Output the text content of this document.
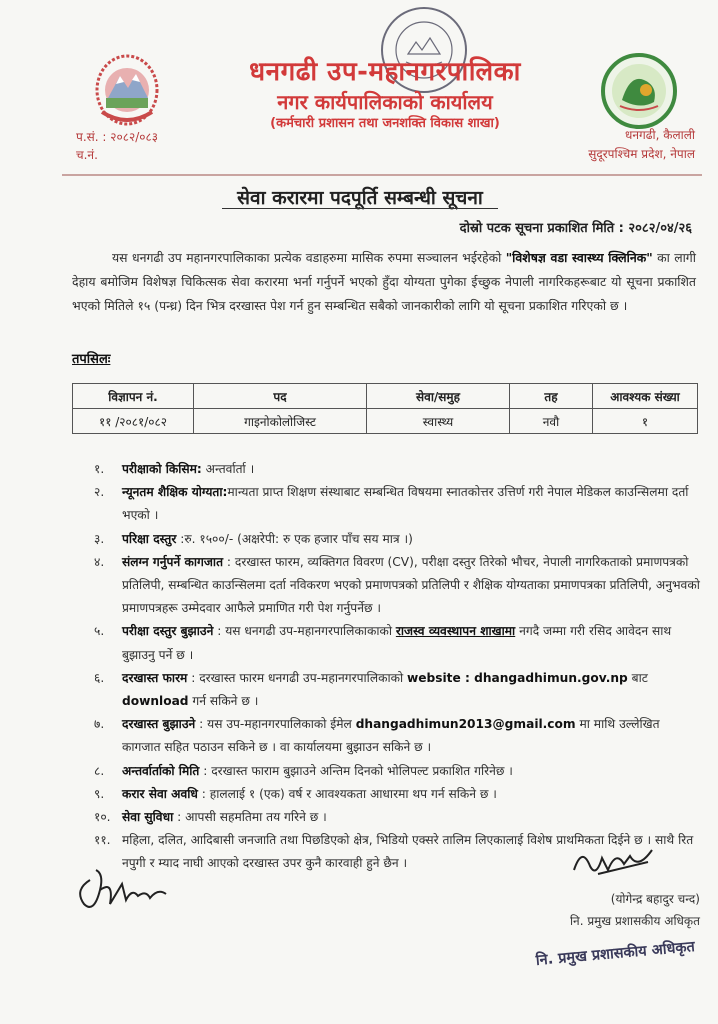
धनगढी उप-महानगरपालिका
नगर कार्यपालिकाको कार्यालय
(कर्मचारी प्रशासन तथा जनशक्ति विकास शाखा)
प.सं. : २०८२/०८३
च.नं.
धनगढी, कैलाली
सुदूरपश्चिम प्रदेश, नेपाल
सेवा करारमा पदपूर्ति सम्बन्धी सूचना
दोस्रो पटक सूचना प्रकाशित मिति : २०८२/०४/२६
यस धनगढी उप महानगरपालिकाका प्रत्येक वडाहरुमा मासिक रुपमा सञ्चालन भईरहेको "विशेषज्ञ वडा स्वास्थ्य क्लिनिक" का लागी देहाय बमोजिम विशेषज्ञ चिकित्सक सेवा करारमा भर्ना गर्नुपर्ने भएको हुँदा योग्यता पुगेका ईच्छुक नेपाली नागरिकहरूबाट यो सूचना प्रकाशित भएको मितिले १५ (पन्ध्र) दिन भित्र दरखास्त पेश गर्न हुन सम्बन्धित सबैको जानकारीको लागि यो सूचना प्रकाशित गरिएको छ ।
तपसिलः
विज्ञापन नं.	पद	सेवा/समुह	तह	आवश्यक संख्या
११ /२०८१/०८२	गाइनोकोलोजिस्ट	स्वास्थ्य	नवौ	१
१. परीक्षाको किसिम: अन्तर्वार्ता ।
२. न्यूनतम शैक्षिक योग्यता:मान्यता प्राप्त शिक्षण संस्थाबाट सम्बन्धित विषयमा स्नातकोत्तर उत्तिर्ण गरी नेपाल मेडिकल काउन्सिलमा दर्ता भएको ।
३. परिक्षा दस्तुर :रु. १५००/- (अक्षरेपी: रु एक हजार पाँच सय मात्र ।)
४. संलग्न गर्नुपर्ने कागजात : दरखास्त फारम, व्यक्तिगत विवरण (CV), परीक्षा दस्तुर तिरेको भौचर, नेपाली नागरिकताको प्रमाणपत्रको प्रतिलिपी, सम्बन्धित काउन्सिलमा दर्ता नविकरण भएको प्रमाणपत्रको प्रतिलिपी र शैक्षिक योग्यताका प्रमाणपत्रका प्रतिलिपी, अनुभवको प्रमाणपत्रहरू उम्मेदवार आफैले प्रमाणित गरी पेश गर्नुपर्नेछ ।
५. परीक्षा दस्तुर बुझाउने : यस धनगढी उप-महानगरपालिकाकाको राजस्व व्यवस्थापन शाखामा नगदै जम्मा गरी रसिद आवेदन साथ बुझाउनु पर्ने छ ।
६. दरखास्त फारम : दरखास्त फारम धनगढी उप-महानगरपालिकाको website : dhangadhimun.gov.np बाट download गर्न सकिने छ ।
७. दरखास्त बुझाउने : यस उप-महानगरपालिकाको ईमेल dhangadhimun2013@gmail.com मा माथि उल्लेखित कागजात सहित पठाउन सकिने छ । वा कार्यालयमा बुझाउन सकिने छ ।
८. अन्तर्वार्ताको मिति : दरखास्त फाराम बुझाउने अन्तिम दिनको भोलिपल्ट प्रकाशित गरिनेछ ।
९. करार सेवा अवधि : हाललाई १ (एक) वर्ष र आवश्यकता आधारमा थप गर्न सकिने छ ।
१०. सेवा सुविधा : आपसी सहमतिमा तय गरिने छ ।
११. महिला, दलित, आदिबासी जनजाति तथा पिछडिएको क्षेत्र, भिडियो एक्सरे तालिम लिएकालाई विशेष प्राथमिकता दिईने छ । साथै रित नपुगी र म्याद नाघी आएको दरखास्त उपर कुनै कारवाही हुने छैन ।
(योगेन्द्र बहादुर चन्द)
नि. प्रमुख प्रशासकीय अधिकृत
नि. प्रमुख प्रशासकीय अधिकृत
